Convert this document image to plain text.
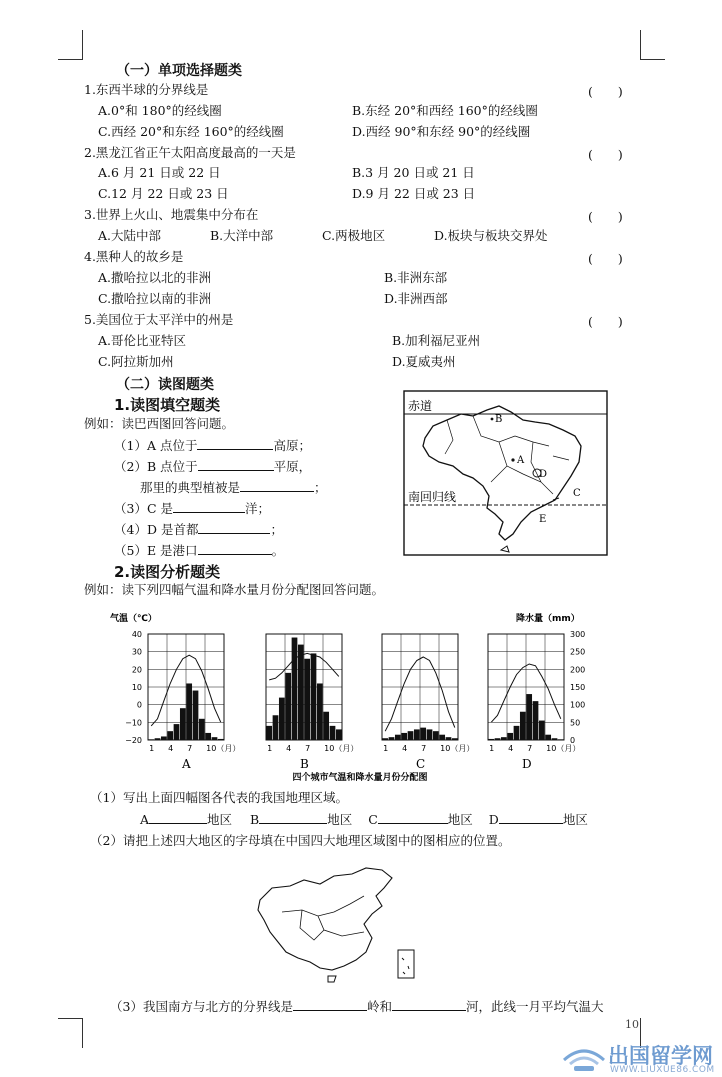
（一）单项选择题类
1.东西半球的分界线是	(　　)
A.0°和 180°的经线圈	B.东经 20°和西经 160°的经线圈
C.西经 20°和东经 160°的经线圈	D.西经 90°和东经 90°的经线圈
2.黑龙江省正午太阳高度最高的一天是	(　　)
A.6 月 21 日或 22 日	B.3 月 20 日或 21 日
C.12 月 22 日或 23 日	D.9 月 22 日或 23 日
3.世界上火山、地震集中分布在	(　　)
A.大陆中部	B.大洋中部	C.两极地区	D.板块与板块交界处
4.黑种人的故乡是	(　　)
A.撒哈拉以北的非洲	B.非洲东部
C.撒哈拉以南的非洲	D.非洲西部
5.美国位于太平洋中的州是	(　　)
A.哥伦比亚特区	B.加利福尼亚州
C.阿拉斯加州	D.夏威夷州
（二）读图题类
1.读图填空题类
例如：读巴西图回答问题。
（1）A 点位于	高原；
（2）B 点位于	平原，
那里的典型植被是	；
（3）C 是	洋；
（4）D 是首都	；
（5）E 是港口	。
赤道
南回归线
A
B
C
D
E
2.读图分析题类
例如：读下列四幅气温和降水量月份分配图回答问题。
气温（℃）	降水量（mm）
40
30
20
10
0
−10
−20
300
250
200
150
100
50
0
1 4 7 10（月）
A
1 4 7 10（月）
B
1 4 7 10（月）
C
1 4 7 10（月）
D
四个城市气温和降水量月份分配图
（1）写出上面四幅图各代表的我国地理区域。
A	地区 B	地区 C	地区 D	地区
（2）请把上述四大地区的字母填在中国四大地理区域图中的图相应的位置。
（3）我国南方与北方的分界线是	岭和	河，此线一月平均气温大
10
出国留学网
WWW.LIUXUE86.COM
